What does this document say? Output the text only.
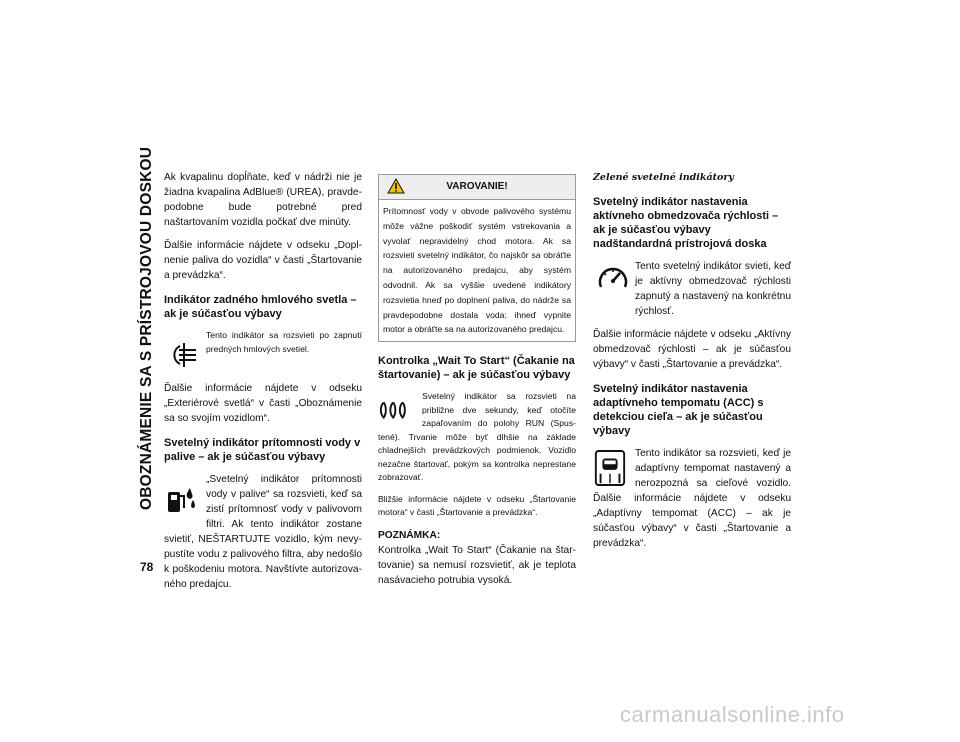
OBOZNÁMENIE SA S PRÍSTROJOVOU DOSKOU
78

Ak kvapalinu dopĺňate, keď v nádrži nie je žiadna kvapalina AdBlue® (UREA), pravdepodobne bude potrebné pred naštartovaním vozidla počkať dve minúty.

Ďalšie informácie nájdete v odseku „Doplnenie paliva do vozidla“ v časti „Štartovanie a prevádzka“.

Indikátor zadného hmlového svetla – ak je súčasťou výbavy

Tento indikátor sa rozsvieti po zapnutí predných hmlových svetiel.

Ďalšie informácie nájdete v odseku „Exteriérové svetlá“ v časti „Oboznámenie sa so svojím vozidlom“.

Svetelný indikátor prítomnosti vody v palive – ak je súčasťou výbavy

„Svetelný indikátor prítomnosti vody v palive“ sa rozsvieti, keď sa zistí prítomnosť vody v palivovom filtri. Ak tento indikátor zostane svietiť, NEŠTARTUJTE vozidlo, kým nevypustíte vodu z palivového filtra, aby nedošlo k poškodeniu motora. Navštívte autorizovaného predajcu.

VAROVANIE!
Prítomnosť vody v obvode palivového systému môže vážne poškodiť systém vstrekovania a vyvolať nepravidelný chod motora. Ak sa rozsvieti svetelný indikátor, čo najskôr sa obráťte na autorizovaného predajcu, aby systém odvodnil. Ak sa vyššie uvedené indikátory rozsvietia hneď po doplnení paliva, do nádrže sa pravdepodobne dostala voda: ihneď vypnite motor a obráťte sa na autorizovaného predajcu.
Kontrolka „Wait To Start“ (Čakanie na štartovanie) – ak je súčasťou výbavy

Svetelný indikátor sa rozsvieti na približne dve sekundy, keď otočíte zapaľovaním do polohy RUN (Spustené). Trvanie môže byť dlhšie na základe chladnejších prevádzkových podmienok. Vozidlo nezačne štartovať, pokým sa kontrolka neprestane zobrazovať.

Bližšie informácie nájdete v odseku „Štartovanie motora“ v časti „Štartovanie a prevádzka“.

POZNÁMKA:

Kontrolka „Wait To Start“ (Čakanie na štartovanie) sa nemusí rozsvietiť, ak je teplota nasávacieho potrubia vysoká.

Zelené svetelné indikátory
Svetelný indikátor nastavenia aktívneho obmedzovača rýchlosti – ak je súčasťou výbavy nadštandardná prístrojová doska

Tento svetelný indikátor svieti, keď je aktívny obmedzovač rýchlosti zapnutý a nastavený na konkrétnu rýchlosť.

Ďalšie informácie nájdete v odseku „Aktívny obmedzovač rýchlosti – ak je súčasťou výbavy“ v časti „Štartovanie a prevádzka“.

Svetelný indikátor nastavenia adaptívneho tempomatu (ACC) s detekciou cieľa – ak je súčasťou výbavy

Tento indikátor sa rozsvieti, keď je adaptívny tempomat nastavený a nerozpozná sa cieľové vozidlo. Ďalšie informácie nájdete v odseku „Adaptívny tempomat (ACC) – ak je súčasťou výbavy“ v časti „Štartovanie a prevádzka“.

carmanualsonline.info
